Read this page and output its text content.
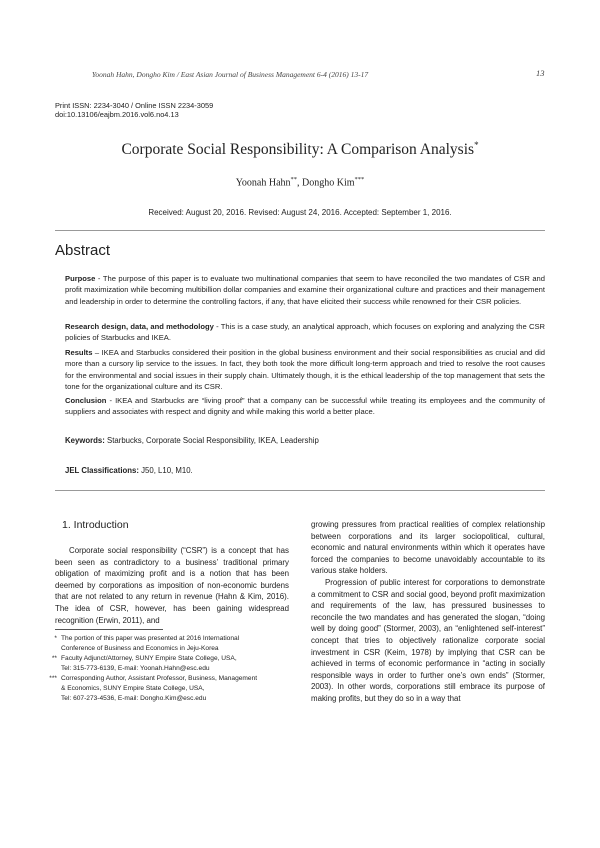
Yoonah Hahn, Dongho Kim / East Asian Journal of Business Management 6-4 (2016) 13-17	13
Print ISSN: 2234-3040 / Online ISSN 2234-3059
doi:10.13106/eajbm.2016.vol6.no4.13
Corporate Social Responsibility: A Comparison Analysis*
Yoonah Hahn**, Dongho Kim***
Received: August 20, 2016. Revised: August 24, 2016. Accepted: September 1, 2016.
Abstract
Purpose - The purpose of this paper is to evaluate two multinational companies that seem to have reconciled the two mandates of CSR and profit maximization while becoming multibillion dollar companies and examine their organizational culture and practices and their management and leadership in order to determine the controlling factors, if any, that have elicited their success while renowned for their CSR policies.
Research design, data, and methodology - This is a case study, an analytical approach, which focuses on exploring and analyzing the CSR policies of Starbucks and IKEA.
Results – IKEA and Starbucks considered their position in the global business environment and their social responsibilities as crucial and did more than a cursory lip service to the issues. In fact, they both took the more difficult long-term approach and tried to resolve the root causes for the environmental and social issues in their supply chain. Ultimately though, it is the ethical leadership of the top management that sets the tone for the organizational culture and its CSR.
Conclusion - IKEA and Starbucks are “living proof” that a company can be successful while treating its employees and the community of suppliers and associates with respect and dignity and while making this world a better place.
Keywords: Starbucks, Corporate Social Responsibility, IKEA, Leadership
JEL Classifications: J50, L10, M10.
1. Introduction

Corporate social responsibility (“CSR”) is a concept that has been seen as contradictory to a business’ traditional primary obligation of maximizing profit and is a notion that has been deemed by corporations as imposition of non-economic burdens that are not related to any return in revenue (Hahn & Kim, 2016). The idea of CSR, however, has been gaining widespread recognition (Erwin, 2011), and

* The portion of this paper was presented at 2016 International
Conference of Business and Economics in Jeju-Korea
** Faculty Adjunct/Attorney, SUNY Empire State College, USA,
Tel: 315-773-6139, E-mail: Yoonah.Hahn@esc.edu
*** Corresponding Author, Assistant Professor, Business, Management
& Economics, SUNY Empire State College, USA,
Tel: 607-273-4536, E-mail: Dongho.Kim@esc.edu

growing pressures from practical realities of complex relationship between corporations and its larger sociopolitical, cultural, economic and natural environments within which it operates have forced the companies to become unavoidably accountable to its various stake holders.

Progression of public interest for corporations to demonstrate a commitment to CSR and social good, beyond profit maximization and requirements of the law, has pressured businesses to reconcile the two mandates and has generated the slogan, “doing well by doing good” (Stormer, 2003), an “enlightened self-interest” concept that tries to objectively rationalize corporate social investment in CSR (Keim, 1978) by implying that CSR can be achieved in terms of economic performance in “acting in socially responsible ways in order to further one’s own ends” (Stormer, 2003). In other words, corporations still embrace its purpose of making profits, but they do so in a way that
